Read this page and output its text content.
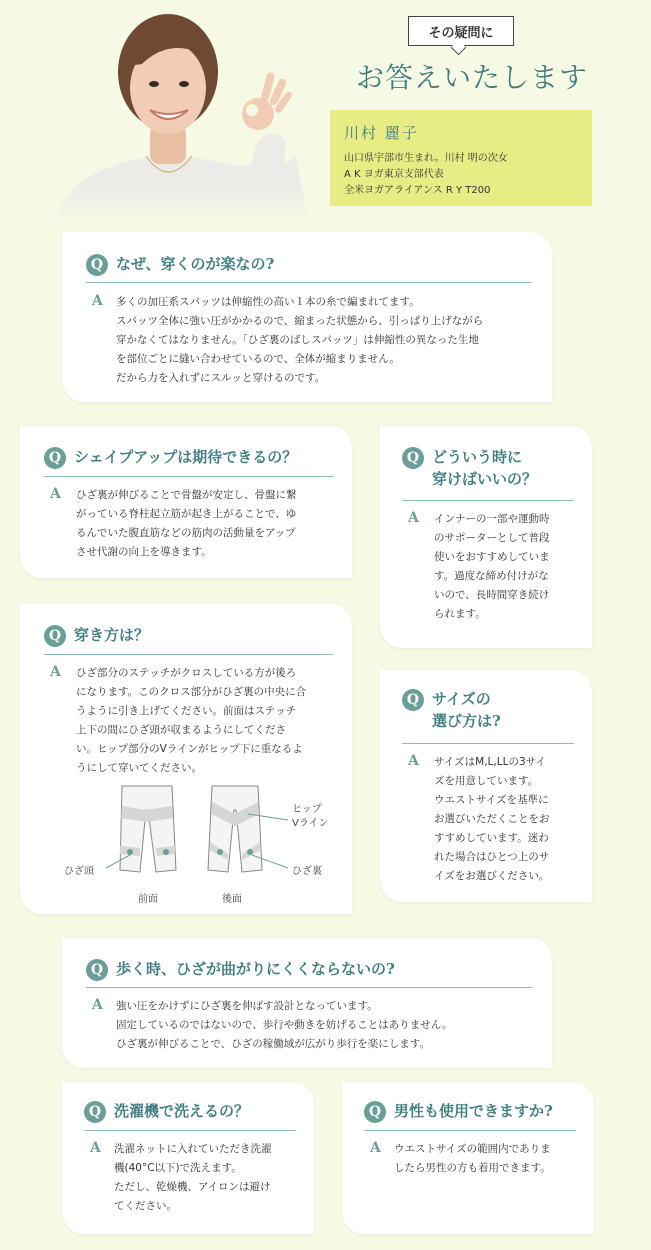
その疑問に
お答えいたします
川村 麗子
山口県宇部市生まれ。川村 明の次女
A K ヨガ東京支部代表
全米ヨガアライアンス R Y T200
Q なぜ、穿くのが楽なの?
A 多くの加圧系スパッツは伸縮性の高い１本の糸で編まれてます。
スパッツ全体に強い圧がかかるので、縮まった状態から、引っぱり上げながら
穿かなくてはなりません。「ひざ裏のばしスパッツ」は伸縮性の異なった生地
を部位ごとに縫い合わせているので、全体が縮まりません。
だから力を入れずにスルッと穿けるのです。
Q シェイプアップは期待できるの？
A ひざ裏が伸びることで骨盤が安定し、骨盤に繋
がっている脊柱起立筋が起き上がることで、ゆ
るんでいた腹直筋などの筋肉の活動量をアップ
させ代謝の向上を導きます。
Q どういう時に
穿けばいいの？
A インナーの一部や運動時
のサポーターとして普段
使いをおすすめしていま
す。過度な締め付けがな
いので、長時間穿き続け
られます。
Q 穿き方は？
A ひざ部分のステッチがクロスしている方が後ろ
になります。このクロス部分がひざ裏の中央に合
うように引き上げてください。前面はステッチ
上下の間にひざ頭が収まるようにしてくださ
い。ヒップ部分のVラインがヒップ下に重なるよ
うにして穿いてください。
ヒップ
Vライン
ひざ頭	ひざ裏
前面	後面
Q サイズの
選び方は?
A サイズはM,L,LLの3サイ
ズを用意しています。
ウエストサイズを基準に
お選びいただくことをお
すすめしています。迷わ
れた場合はひとつ上のサ
イズをお選びください。
Q 歩く時、ひざが曲がりにくくならないの?
A 強い圧をかけずにひざ裏を伸ばす設計となっています。
固定しているのではないので、歩行や動きを妨げることはありません。
ひざ裏が伸びることで、ひざの稼働域が広がり歩行を楽にします。
Q 洗濯機で洗えるの？
A 洗濯ネットに入れていただき洗濯
機(40°C以下)で洗えます。
ただし、乾燥機、アイロンは避け
てください。
Q 男性も使用できますか?
A ウエストサイズの範囲内でありま
したら男性の方も着用できます。
